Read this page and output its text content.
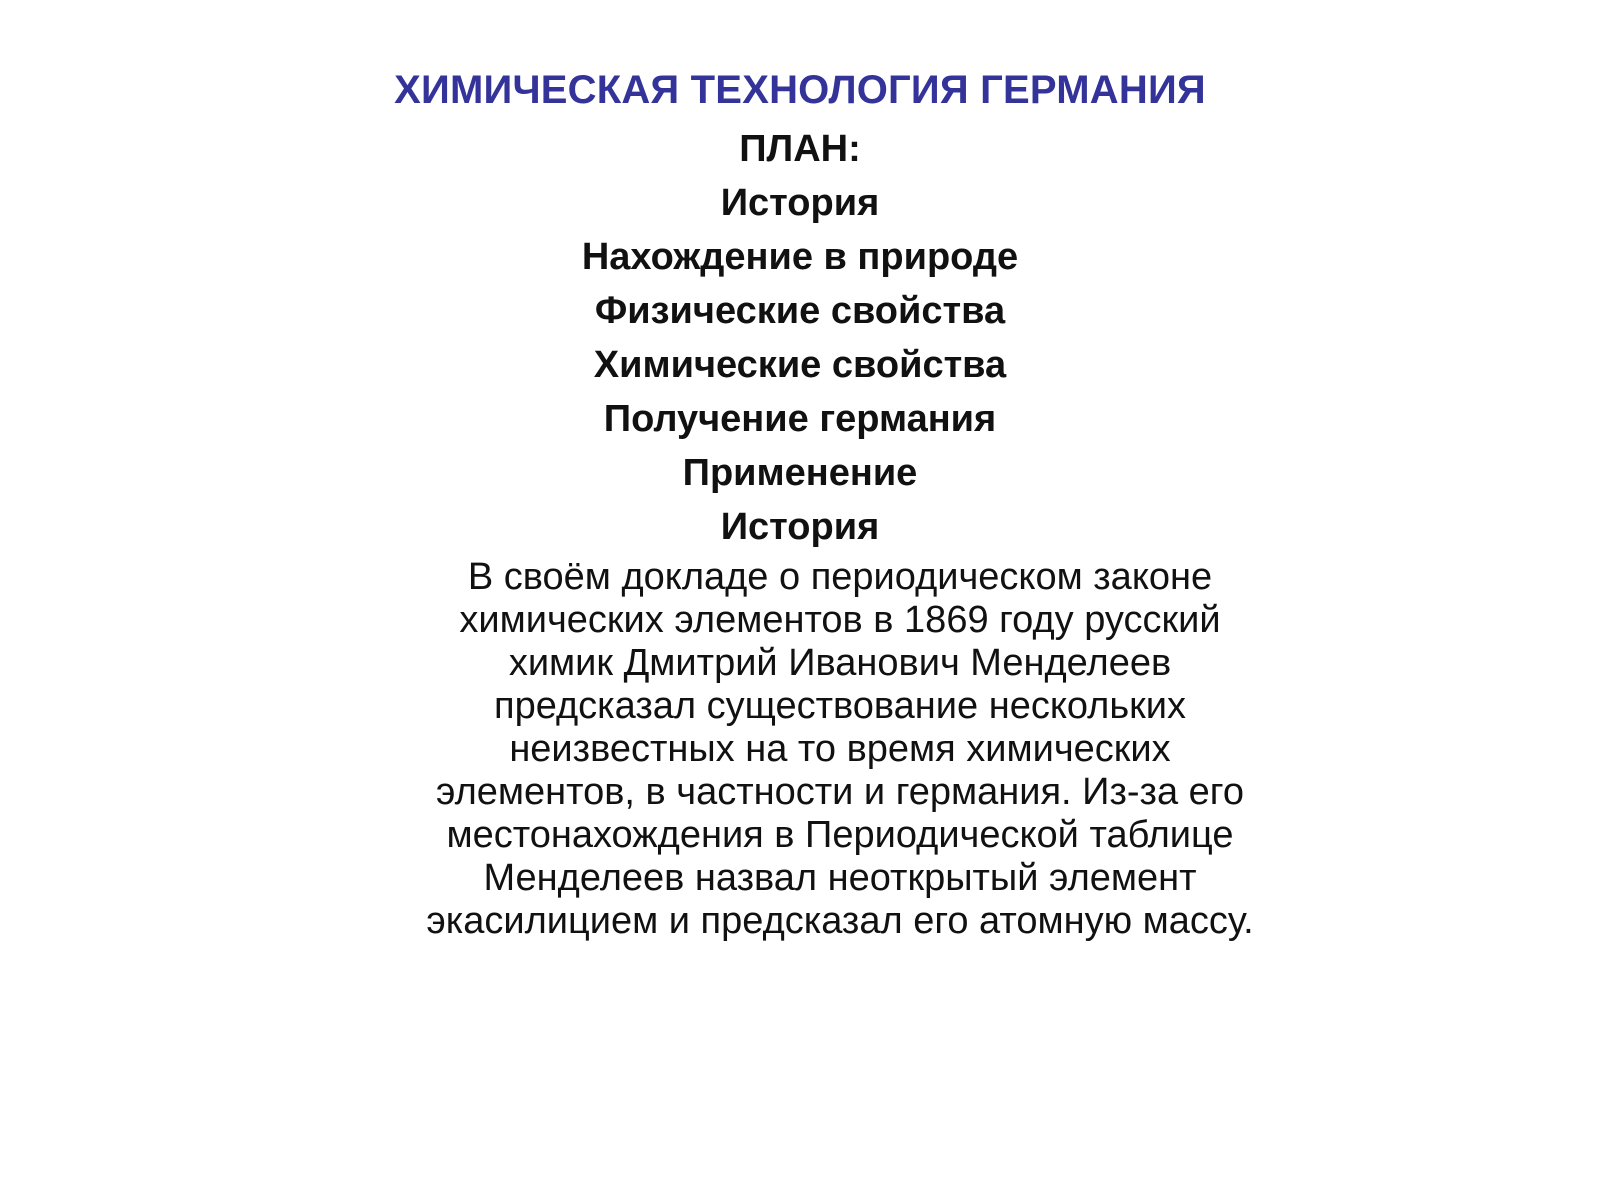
ХИМИЧЕСКАЯ ТЕХНОЛОГИЯ ГЕРМАНИЯ
ПЛАН:
История
Нахождение в природе
Физические свойства
Химические свойства
Получение германия
Применение
История
В своём докладе о периодическом законе
химических элементов в 1869 году русский
химик Дмитрий Иванович Менделеев
предсказал существование нескольких
неизвестных на то время химических
элементов, в частности и германия. Из-за его
местонахождения в Периодической таблице
Менделеев назвал неоткрытый элемент
экасилицием и предсказал его атомную массу.
